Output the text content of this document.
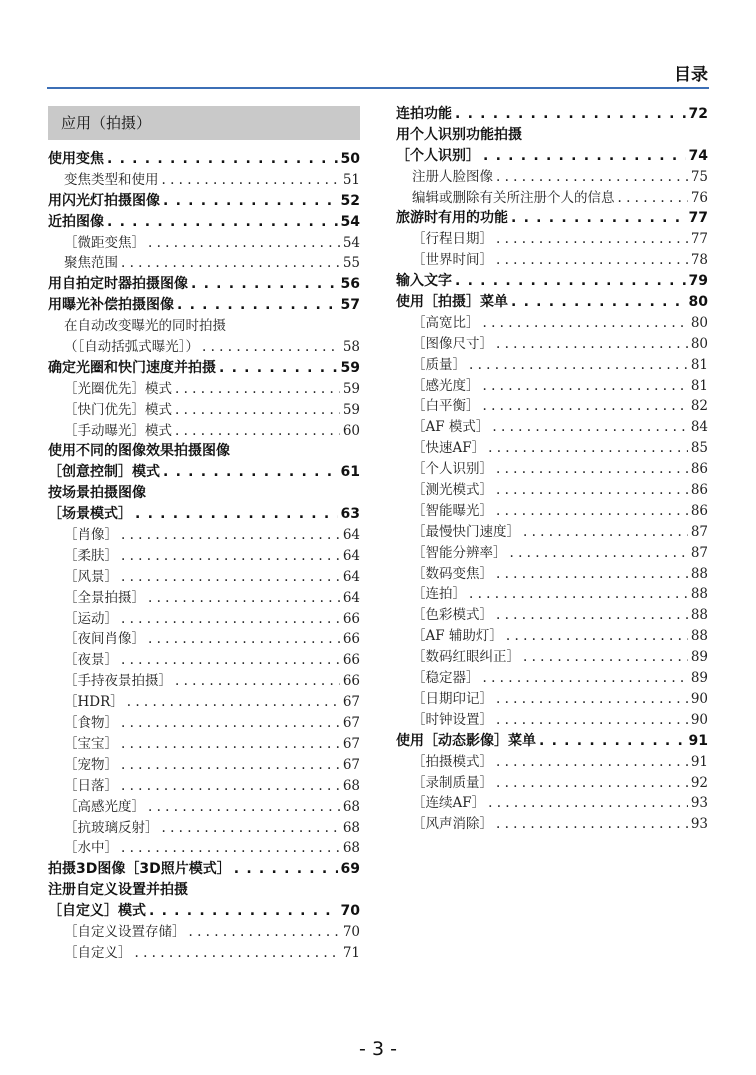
目录
应用（拍摄）
使用变焦 . . .	50
变焦类型和使用 . . .	51
用闪光灯拍摄图像 . . .	52
近拍图像 . . .	54
［微距变焦］ . . .	54
聚焦范围 . . .	55
用自拍定时器拍摄图像 . . .	56
用曝光补偿拍摄图像 . . .	57
在自动改变曝光的同时拍摄
（［自动括弧式曝光］） . . .	58
确定光圈和快门速度并拍摄 . . .	59
［光圈优先］模式 . . .	59
［快门优先］模式 . . .	59
［手动曝光］模式 . . .	60
使用不同的图像效果拍摄图像
［创意控制］模式 . . .	61
按场景拍摄图像
［场景模式］ . . .	63
［肖像］ . . .	64
［柔肤］ . . .	64
［风景］ . . .	64
［全景拍摄］ . . .	64
［运动］ . . .	66
［夜间肖像］ . . .	66
［夜景］ . . .	66
［手持夜景拍摄］ . . .	66
［HDR］ . . .	67
［食物］ . . .	67
［宝宝］ . . .	67
［宠物］ . . .	67
［日落］ . . .	68
［高感光度］ . . .	68
［抗玻璃反射］ . . .	68
［水中］ . . .	68
拍摄3D图像［3D照片模式］ . . .	69
注册自定义设置并拍摄
［自定义］模式 . . .	70
［自定义设置存储］ . . .	70
［自定义］ . . .	71
连拍功能 . . .	72
用个人识别功能拍摄
［个人识别］ . . .	74
注册人脸图像 . . .	75
编辑或删除有关所注册个人的信息 . . .	76
旅游时有用的功能 . . .	77
［行程日期］ . . .	77
［世界时间］ . . .	78
输入文字 . . .	79
使用［拍摄］菜单 . . .	80
［高宽比］ . . .	80
［图像尺寸］ . . .	80
［质量］ . . .	81
［感光度］ . . .	81
［白平衡］ . . .	82
［AF 模式］ . . .	84
［快速AF］ . . .	85
［个人识别］ . . .	86
［测光模式］ . . .	86
［智能曝光］ . . .	86
［最慢快门速度］ . . .	87
［智能分辨率］ . . .	87
［数码变焦］ . . .	88
［连拍］ . . .	88
［色彩模式］ . . .	88
［AF 辅助灯］ . . .	88
［数码红眼纠正］ . . .	89
［稳定器］ . . .	89
［日期印记］ . . .	90
［时钟设置］ . . .	90
使用［动态影像］菜单 . . .	91
［拍摄模式］ . . .	91
［录制质量］ . . .	92
［连续AF］ . . .	93
［风声消除］ . . .	93
- 3 -
